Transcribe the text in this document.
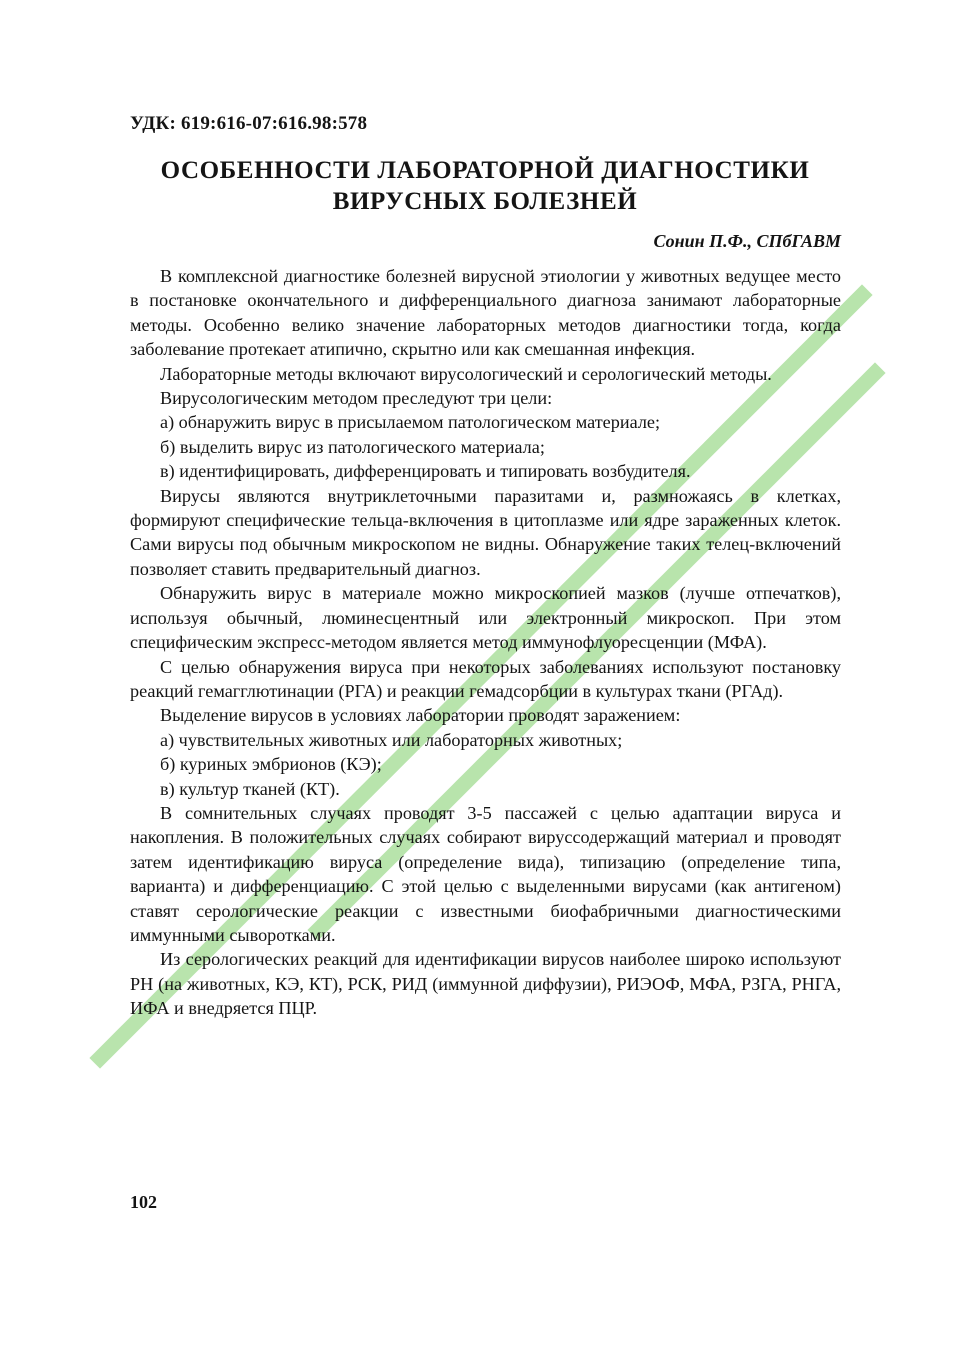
УДК: 619:616-07:616.98:578
ОСОБЕННОСТИ ЛАБОРАТОРНОЙ ДИАГНОСТИКИ
ВИРУСНЫХ БОЛЕЗНЕЙ
Сонин П.Ф., СПбГАВМ

В комплексной диагностике болезней вирусной этиологии у животных ведущее место в постановке окончательного и дифференциального диагноза занимают лабораторные методы. Особенно велико значение лабораторных методов диагностики тогда, когда заболевание протекает атипично, скрытно или как смешанная инфекция.

Лабораторные методы включают вирусологический и серологический методы.

Вирусологическим методом преследуют три цели:

а) обнаружить вирус в присылаемом патологическом материале;

б) выделить вирус из патологического материала;

в) идентифицировать, дифференцировать и типировать возбудителя.

Вирусы являются внутриклеточными паразитами и, размножаясь в клетках, формируют специфические тельца-включения в цитоплазме или ядре зараженных клеток. Сами вирусы под обычным микроскопом не видны. Обнаружение таких телец-включений позволяет ставить предварительный диагноз.

Обнаружить вирус в материале можно микроскопией мазков (лучше отпечатков), используя обычный, люминесцентный или электронный микроскоп. При этом специфическим экспресс-методом является метод иммунофлуоресценции (МФА).

С целью обнаружения вируса при некоторых заболеваниях используют постановку реакций гемагглютинации (РГА) и реакции гемадсорбции в культурах ткани (РГАд).

Выделение вирусов в условиях лаборатории проводят заражением:

а) чувствительных животных или лабораторных животных;

б) куриных эмбрионов (КЭ);

в) культур тканей (КТ).

В сомнительных случаях проводят 3-5 пассажей с целью адаптации вируса и накопления. В положительных случаях собирают вируссодержащий материал и проводят затем идентификацию вируса (определение вида), типизацию (определение типа, варианта) и дифференциацию. С этой целью с выделенными вирусами (как антигеном) ставят серологические реакции с известными биофабричными диагностическими иммунными сыворотками.

Из серологических реакций для идентификации вирусов наиболее широко используют РН (на животных, КЭ, КТ), РСК, РИД (иммунной диффузии), РИЭОФ, МФА, РЗГА, РНГА, ИФА и внедряется ПЦР.

102
